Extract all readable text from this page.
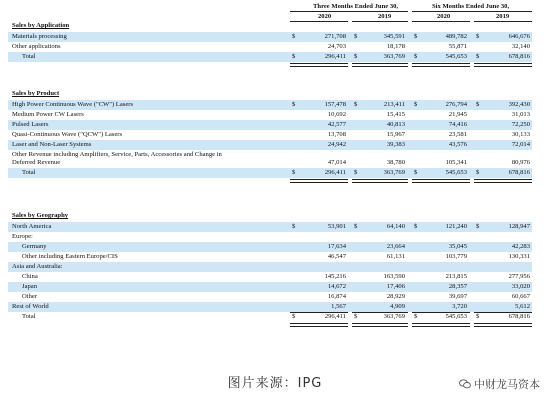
Three Months Ended June 30,	Six Months Ended June 30,
2020	2019	2020	2019
Sales by Application
Materials processing	$	271,708 $	345,591 $	489,782 $	646,676
Other applications	24,703	18,178	55,871	32,140
Total	$	296,411 $	363,769 $	545,653 $	678,816
Sales by Product
High Power Continuous Wave ("CW") Lasers	$	157,478 $	213,411 $	276,794 $	392,430
Medium Power CW Lasers	10,692	15,415	21,945	31,013
Pulsed Lasers	42,577	40,813	74,416	72,250
Quasi-Continuous Wave ("QCW") Lasers	13,708	15,967	23,581	30,133
Laser and Non-Laser Systems	24,942	39,383	43,576	72,014
Other Revenue including Amplifiers, Service, Parts, Accessories and Change in
Deferred Revenue	47,014	38,780	105,341	80,976
Total	$	296,411 $	363,769 $	545,653 $	678,816
Sales by Geography
North America	$	53,901 $	64,140 $	121,240 $	128,947
Europe:
Germany	17,634	23,664	35,045	42,283
Other including Eastern Europe/CIS	46,547	61,131	103,779	130,331
Asia and Australia:
China	145,216	163,590	213,815	277,956
Japan	14,672	17,406	28,357	33,020
Other	16,874	28,929	39,697	60,667
Rest of World	1,567	4,909	3,720	5,612
Total	$	296,411 $	363,769 $	545,653 $	678,816
图片来源：IPG	中财龙马资本
